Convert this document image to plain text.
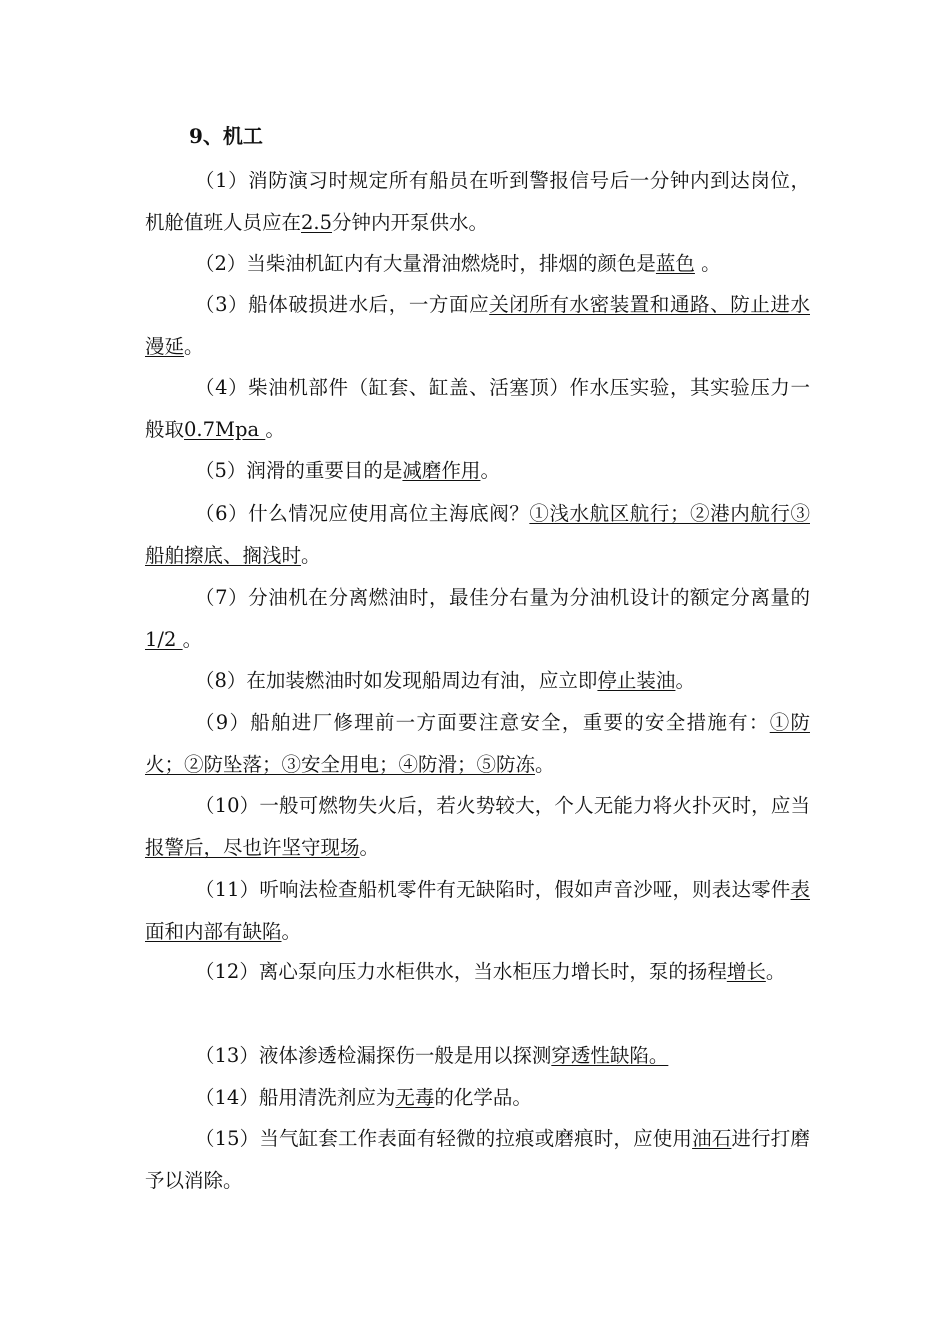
9、机工

（1）消防演习时规定所有船员在听到警报信号后一分钟内到达岗位，机舱值班人员应在2.5分钟内开泵供水。

（2）当柴油机缸内有大量滑油燃烧时，排烟的颜色是蓝色 。

（3）船体破损进水后，一方面应关闭所有水密装置和通路、防止进水漫延。

（4）柴油机部件（缸套、缸盖、活塞顶）作水压实验，其实验压力一般取0.7Mpa 。

（5）润滑的重要目的是减磨作用。

（6）什么情况应使用高位主海底阀？①浅水航区航行；②港内航行③船舶擦底、搁浅时。

（7）分油机在分离燃油时，最佳分右量为分油机设计的额定分离量的1/2 。

（8）在加装燃油时如发现船周边有油，应立即停止装油。

（9）船舶进厂修理前一方面要注意安全，重要的安全措施有：①防火；②防坠落；③安全用电；④防滑；⑤防冻。

（10）一般可燃物失火后，若火势较大，个人无能力将火扑灭时，应当报警后，尽也许坚守现场。

（11）听响法检查船机零件有无缺陷时，假如声音沙哑，则表达零件表面和内部有缺陷。

（12）离心泵向压力水柜供水，当水柜压力增长时，泵的扬程增长。

（13）液体渗透检漏探伤一般是用以探测穿透性缺陷。

（14）船用清洗剂应为无毒的化学品。

（15）当气缸套工作表面有轻微的拉痕或磨痕时，应使用油石进行打磨予以消除。
